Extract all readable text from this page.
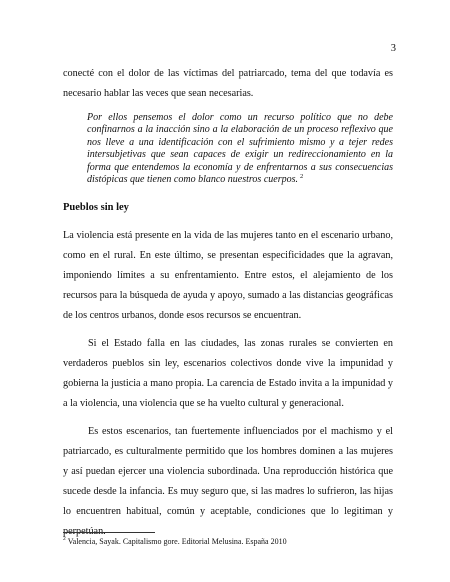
3

conecté con el dolor de las víctimas del patriarcado, tema del que todavía es necesario hablar las veces que sean necesarias.

Por ellos pensemos el dolor como un recurso político que no debe confinarnos a la inacción sino a la elaboración de un proceso reflexivo que nos lleve a una identificación con el sufrimiento mismo y a tejer redes intersubjetivas que sean capaces de exigir un redireccionamiento en la forma que entendemos la economía y de enfrentarnos a sus consecuencias distópicas que tienen como blanco nuestros cuerpos. $^2$
Pueblos sin ley

La violencia está presente en la vida de las mujeres tanto en el escenario urbano, como en el rural. En este último, se presentan especificidades que la agravan, imponiendo límites a su enfrentamiento. Entre estos, el alejamiento de los recursos para la búsqueda de ayuda y apoyo, sumado a las distancias geográficas de los centros urbanos, donde esos recursos se encuentran.

Si el Estado falla en las ciudades, las zonas rurales se convierten en verdaderos pueblos sin ley, escenarios colectivos donde vive la impunidad y gobierna la justicia a mano propia. La carencia de Estado invita a la impunidad y a la violencia, una violencia que se ha vuelto cultural y generacional.

Es estos escenarios, tan fuertemente influenciados por el machismo y el patriarcado, es culturalmente permitido que los hombres dominen a las mujeres y así puedan ejercer una violencia subordinada. Una reproducción histórica que sucede desde la infancia. Es muy seguro que, si las madres lo sufrieron, las hijas lo encuentren habitual, común y aceptable, condiciones que lo legitiman y perpetúan.

$^2$ Valencia, Sayak. Capitalismo gore. Editorial Melusina. España 2010
